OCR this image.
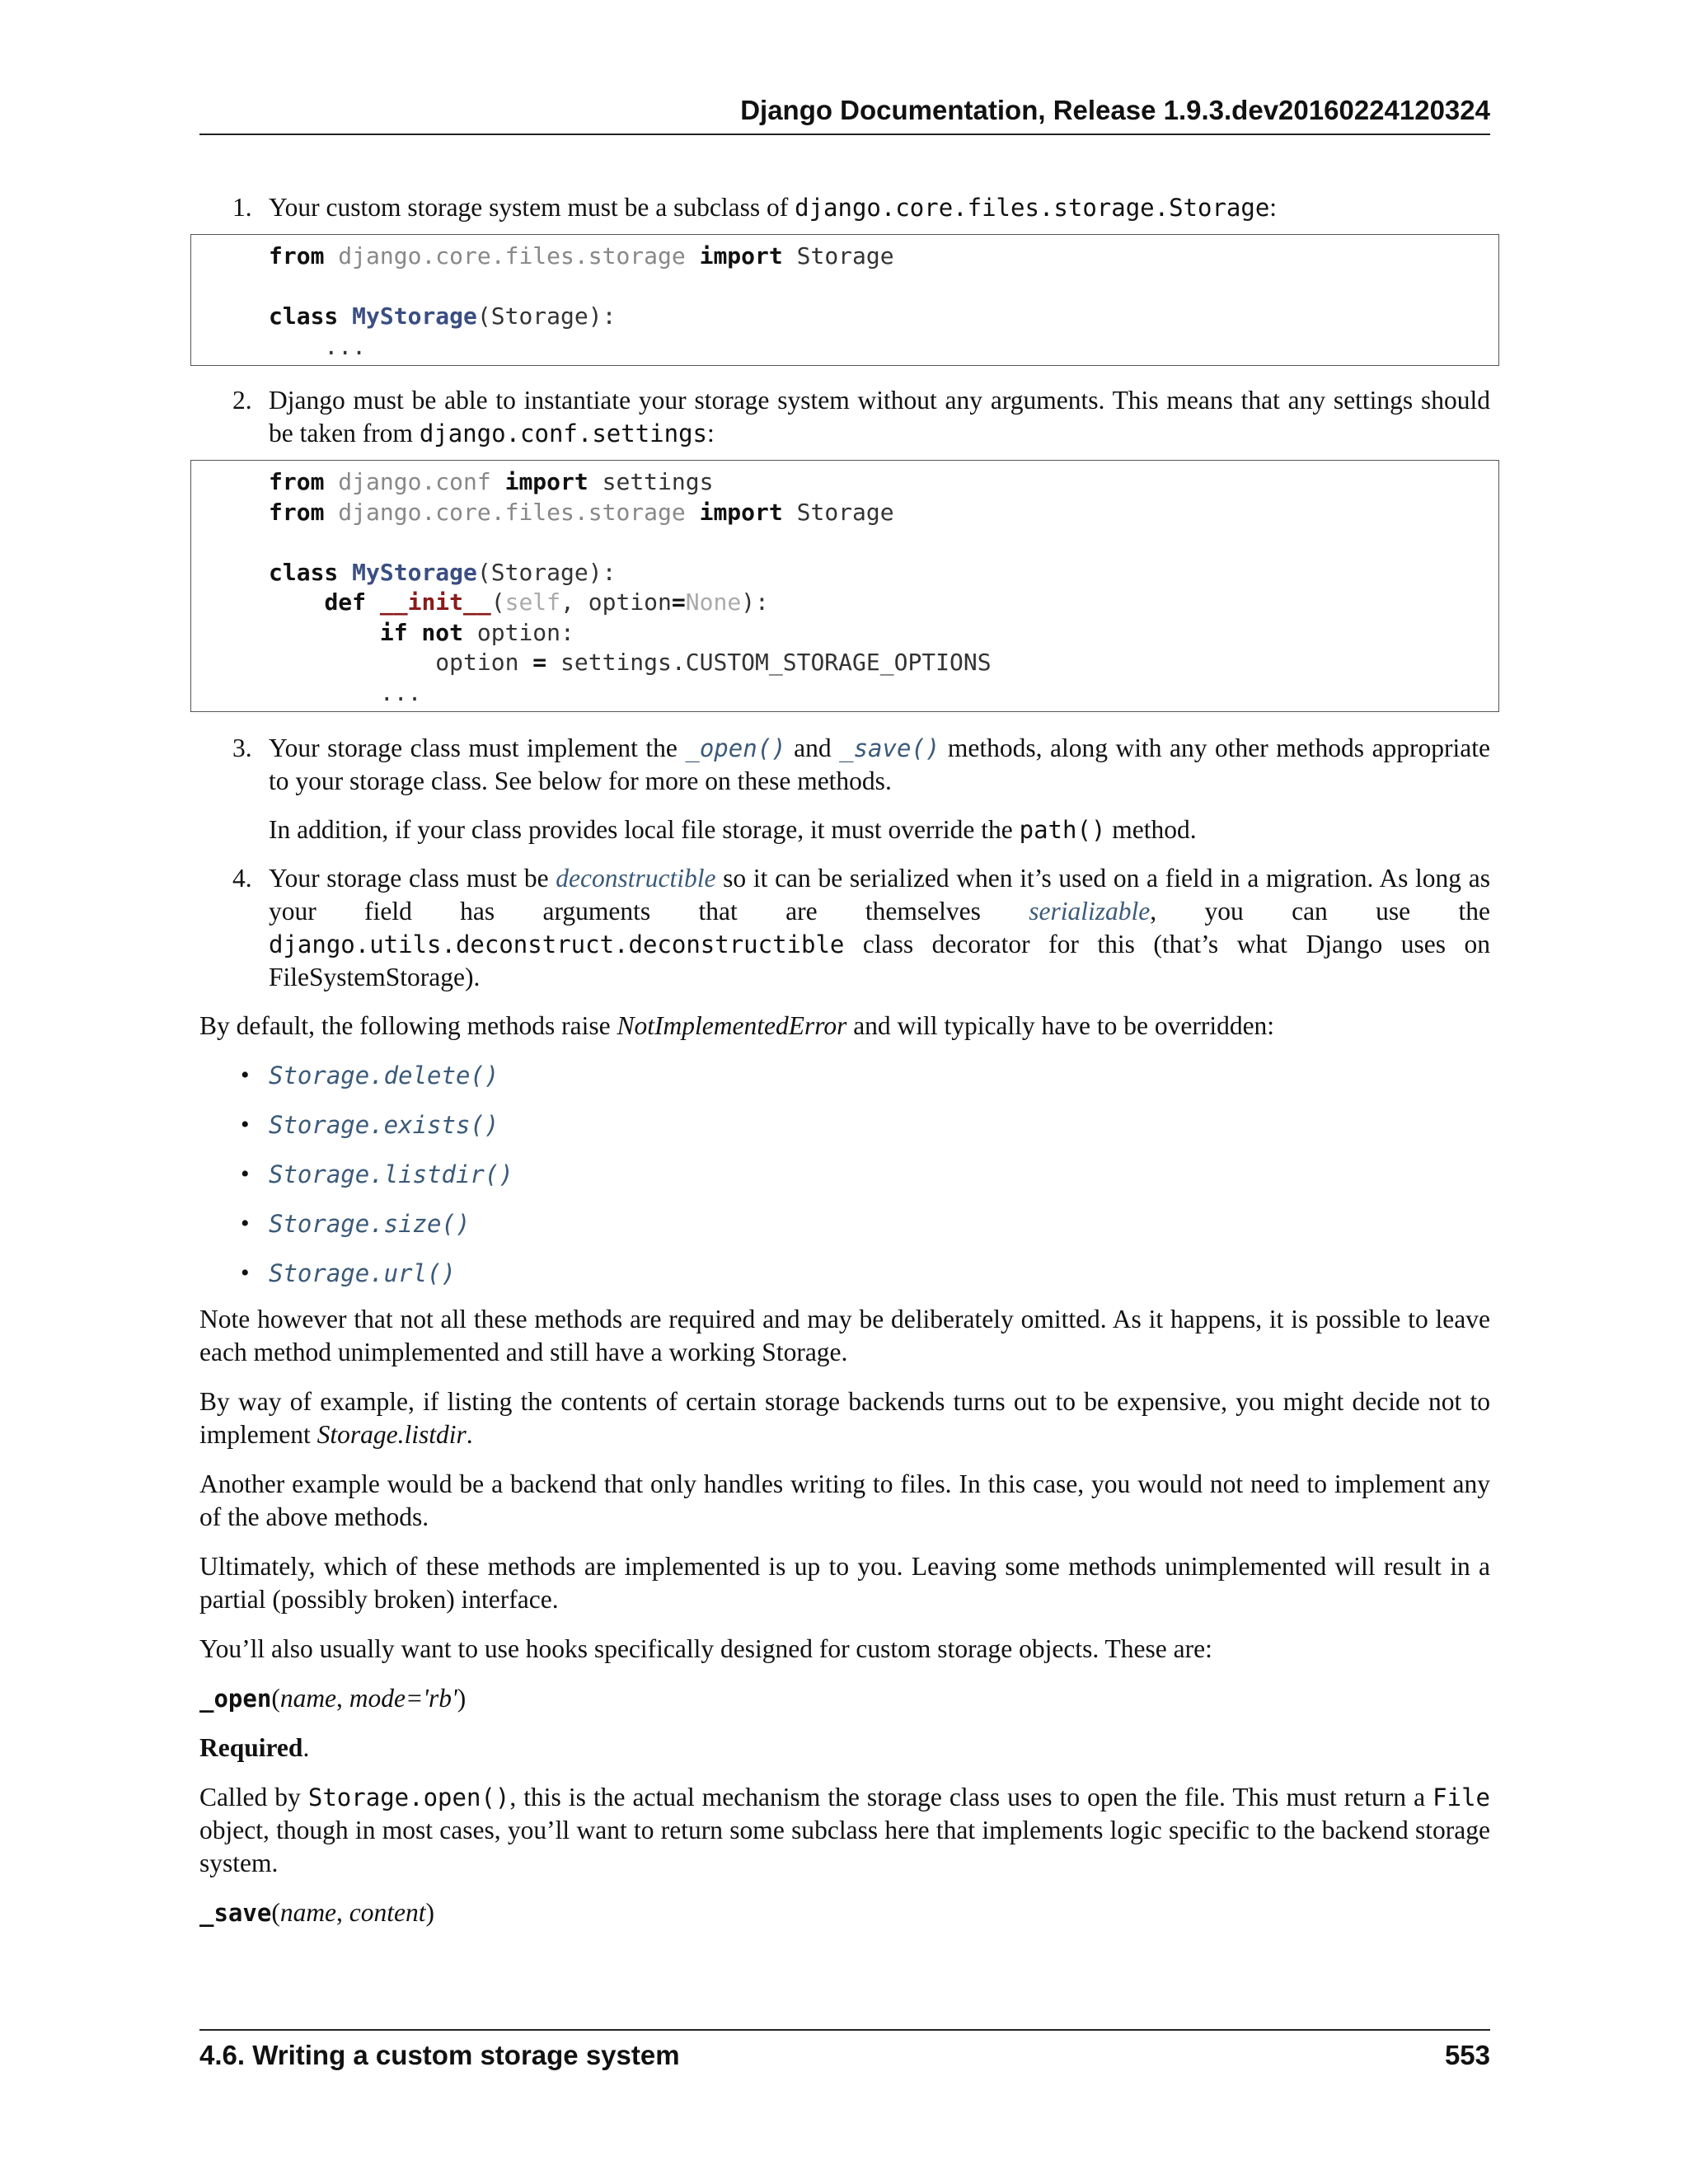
Django Documentation, Release 1.9.3.dev20160224120324
1. Your custom storage system must be a subclass of django.core.files.storage.Storage:

from django.core.files.storage import Storage
class MyStorage(Storage):
...
2. Django must be able to instantiate your storage system without any arguments. This means that any settings should be taken from django.conf.settings:

from django.conf import settings
from django.core.files.storage import Storage
class MyStorage(Storage):
def __init__(self, option=None):
if not option:
option = settings.CUSTOM_STORAGE_OPTIONS
...
3. Your storage class must implement the _open() and _save() methods, along with any other methods appropriate to your storage class. See below for more on these methods.

In addition, if your class provides local file storage, it must override the path() method.

4. Your storage class must be deconstructible so it can be serialized when it’s used on a field in a migration. As long as your field has arguments that are themselves serializable, you can use the django.utils.deconstruct.deconstructible class decorator for this (that’s what Django uses on FileSystemStorage).

By default, the following methods raise NotImplementedError and will typically have to be overridden:

• Storage.delete()
• Storage.exists()
• Storage.listdir()
• Storage.size()
• Storage.url()

Note however that not all these methods are required and may be deliberately omitted. As it happens, it is possible to leave each method unimplemented and still have a working Storage.

By way of example, if listing the contents of certain storage backends turns out to be expensive, you might decide not to implement Storage.listdir.

Another example would be a backend that only handles writing to files. In this case, you would not need to implement any of the above methods.

Ultimately, which of these methods are implemented is up to you. Leaving some methods unimplemented will result in a partial (possibly broken) interface.

You’ll also usually want to use hooks specifically designed for custom storage objects. These are:

_open(name, mode='rb')

Required.

Called by Storage.open(), this is the actual mechanism the storage class uses to open the file. This must return a File object, though in most cases, you’ll want to return some subclass here that implements logic specific to the backend storage system.

_save(name, content)

4.6. Writing a custom storage system	553
